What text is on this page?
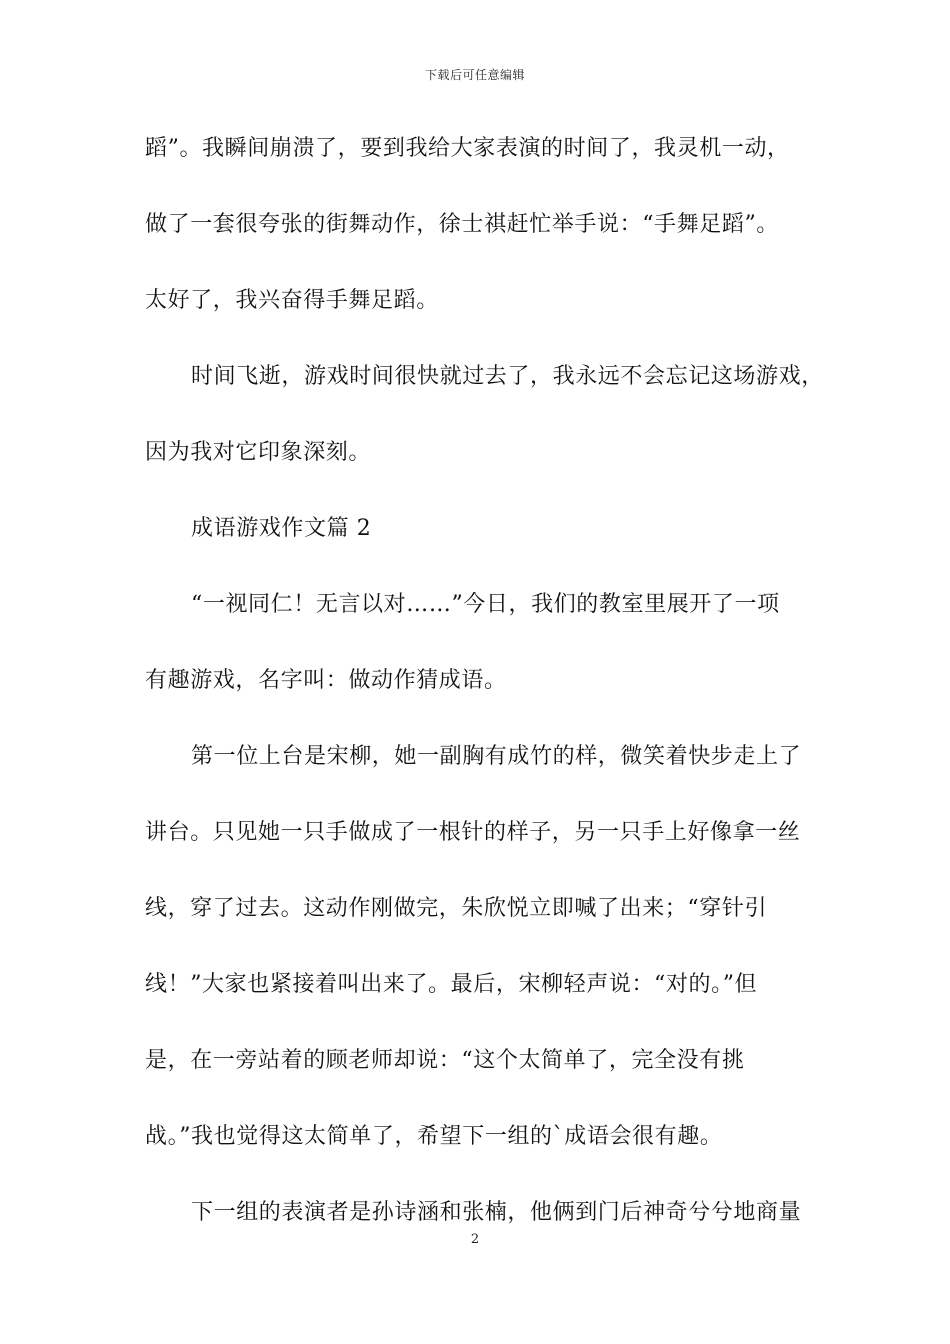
下载后可任意编辑
蹈”。我瞬间崩溃了，要到我给大家表演的时间了，我灵机一动，
做了一套很夸张的街舞动作，徐士祺赶忙举手说：“手舞足蹈”。
太好了，我兴奋得手舞足蹈。
时间飞逝，游戏时间很快就过去了，我永远不会忘记这场游戏，
因为我对它印象深刻。
成语游戏作文篇 2
“一视同仁！无言以对……”今日，我们的教室里展开了一项
有趣游戏，名字叫：做动作猜成语。
第一位上台是宋柳，她一副胸有成竹的样，微笑着快步走上了
讲台。只见她一只手做成了一根针的样子，另一只手上好像拿一丝
线，穿了过去。这动作刚做完，朱欣悦立即喊了出来；“穿针引
线！”大家也紧接着叫出来了。最后，宋柳轻声说：“对的。”但
是，在一旁站着的顾老师却说：“这个太简单了，完全没有挑
战。”我也觉得这太简单了，希望下一组的`成语会很有趣。
下一组的表演者是孙诗涵和张楠，他俩到门后神奇兮兮地商量
2
